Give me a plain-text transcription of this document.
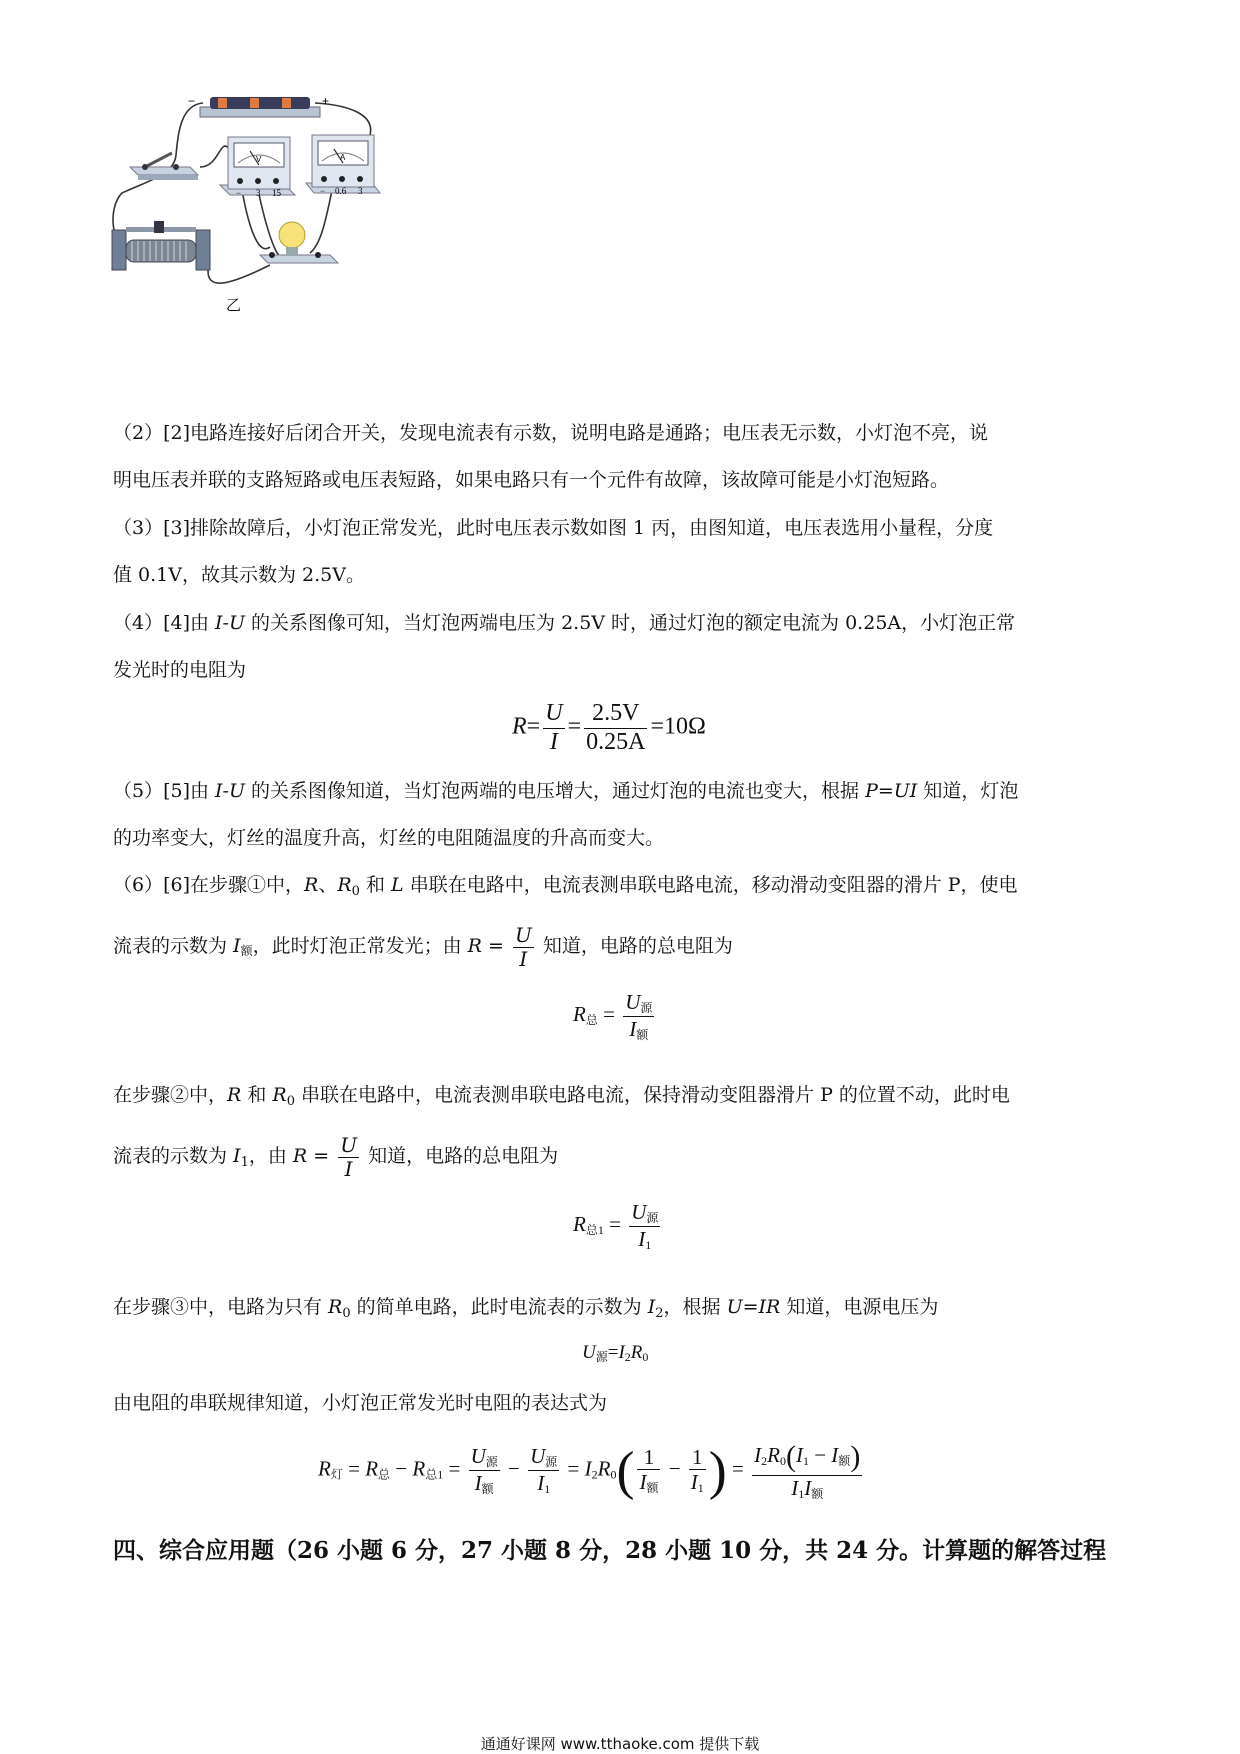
−	+
V
− 3 15
A
− 0.6 3
乙
（2）[2]电路连接好后闭合开关，发现电流表有示数，说明电路是通路；电压表无示数，小灯泡不亮，说
明电压表并联的支路短路或电压表短路，如果电路只有一个元件有故障，该故障可能是小灯泡短路。
（3）[3]排除故障后，小灯泡正常发光，此时电压表示数如图 1 丙，由图知道，电压表选用小量程，分度
值 0.1V，故其示数为 2.5V。
（4）[4]由 I-U 的关系图像可知，当灯泡两端电压为 2.5V 时，通过灯泡的额定电流为 0.25A，小灯泡正常
发光时的电阻为
$R= \frac{U}{I} = \frac{2.5V}{0.25A} =10\Omega$
（5）[5]由 I-U 的关系图像知道，当灯泡两端的电压增大，通过灯泡的电流也变大，根据 P=UI 知道，灯泡
的功率变大，灯丝的温度升高，灯丝的电阻随温度的升高而变大。
（6）[6]在步骤①中，R、$R_0$ 和 L 串联在电路中，电流表测串联电路电流，移动滑动变阻器的滑片 P，使电
流表的示数为 $I_额$，此时灯泡正常发光；由 $R = \frac{U}{I}$ 知道，电路的总电阻为
$R_总 = \frac{U_源}{I_额}$
在步骤②中，R 和 $R_0$ 串联在电路中，电流表测串联电路电流，保持滑动变阻器滑片 P 的位置不动，此时电
流表的示数为 $I_1$，由 $R = \frac{U}{I}$ 知道，电路的总电阻为
$R_{总1} = \frac{U_源}{I_1}$
在步骤③中，电路为只有 $R_0$ 的简单电路，此时电流表的示数为 $I_2$，根据 U=IR 知道，电源电压为
$U_源=I_2R_0$
由电阻的串联规律知道，小灯泡正常发光时电阻的表达式为
$R_灯 = R_总 - R_{总1} = \frac{U_源}{I_额} - \frac{U_源}{I_1} = I_2R_0( \frac{1}{I_额} - \frac{1}{I_1}$ ) = $\frac{I_2R_0(I_1 - I_额)}{I_1I_额}$
四、综合应用题（26 小题 6 分，27 小题 8 分，28 小题 10 分，共 24 分。计算题的解答过程
通通好课网 www.tthaoke.com 提供下载
